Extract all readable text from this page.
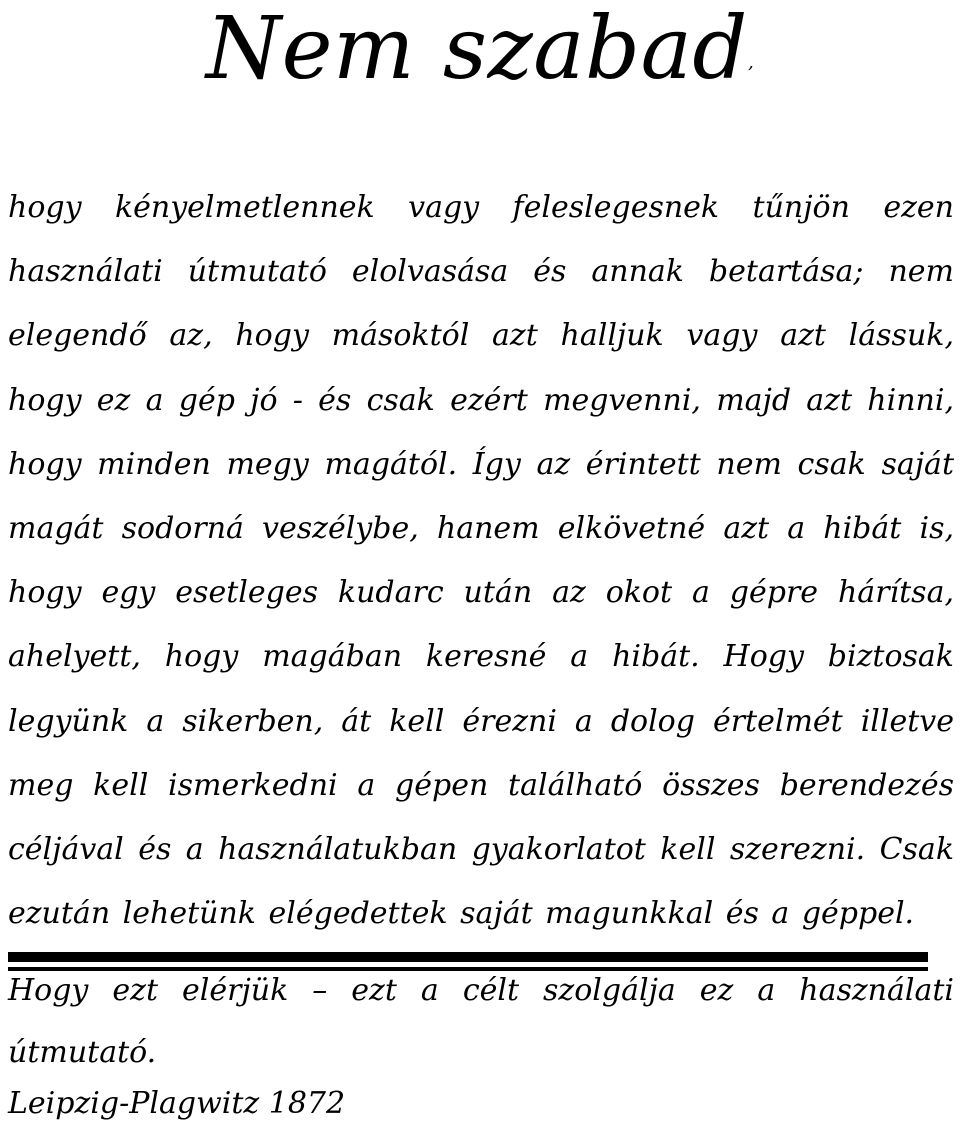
Nem szabad,

hogy kényelmetlennek vagy feleslegesnek tűnjön ezen használati útmutató elolvasása és annak betartása; nem elegendő az, hogy másoktól azt halljuk vagy azt lássuk, hogy ez a gép jó - és csak ezért megvenni, majd azt hinni, hogy minden megy magától. Így az érintett nem csak saját magát sodorná veszélybe, hanem elkövetné azt a hibát is, hogy egy esetleges kudarc után az okot a gépre hárítsa, ahelyett, hogy magában keresné a hibát. Hogy biztosak legyünk a sikerben, át kell érezni a dolog értelmét illetve meg kell ismerkedni a gépen található összes berendezés céljával és a használatukban gyakorlatot kell szerezni. Csak ezután lehetünk elégedettek saját magunkkal és a géppel.

Hogy ezt elérjük – ezt a célt szolgálja ez a használati útmutató.

Leipzig-Plagwitz 1872
